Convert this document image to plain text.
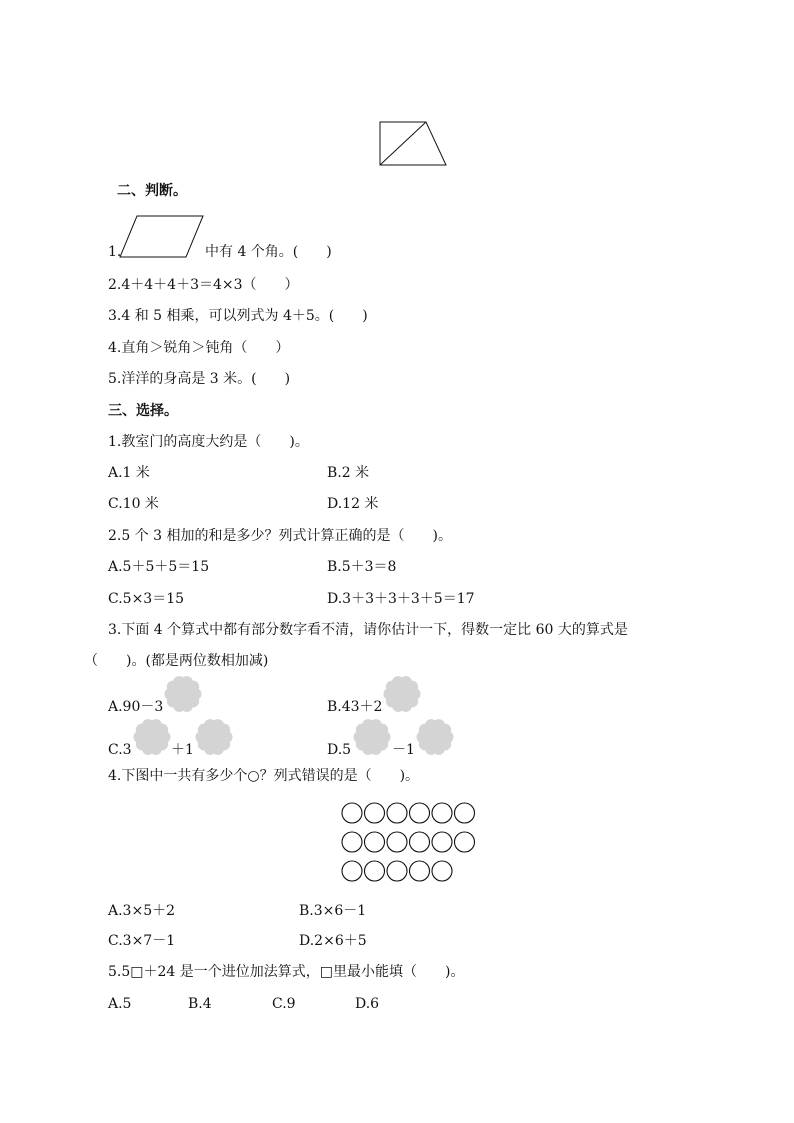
二、判断。
1.	中有 4 个角。(　　)
2.4＋4＋4＋3＝4×3（　　）
3.4 和 5 相乘，可以列式为 4＋5。(　　)
4.直角＞锐角＞钝角（　　）
5.洋洋的身高是 3 米。(　　)
三、选择。
1.教室门的高度大约是（　　)。
A.1 米	B.2 米
C.10 米	D.12 米
2.5 个 3 相加的和是多少？列式计算正确的是（　　)。
A.5＋5＋5＝15	B.5＋3＝8
C.5×3＝15	D.3＋3＋3＋3＋5＝17
3.下面 4 个算式中都有部分数字看不清，请你估计一下，得数一定比 60 大的算式是
（　　)。(都是两位数相加减)
A.90－3	B.43＋2
C.3	＋1	D.5	－1
4.下图中一共有多少个○？列式错误的是（　　)。
A.3×5＋2	B.3×6－1
C.3×7－1	D.2×6＋5
5.5□＋24 是一个进位加法算式，□里最小能填（　　)。
A.5	B.4	C.9	D.6
